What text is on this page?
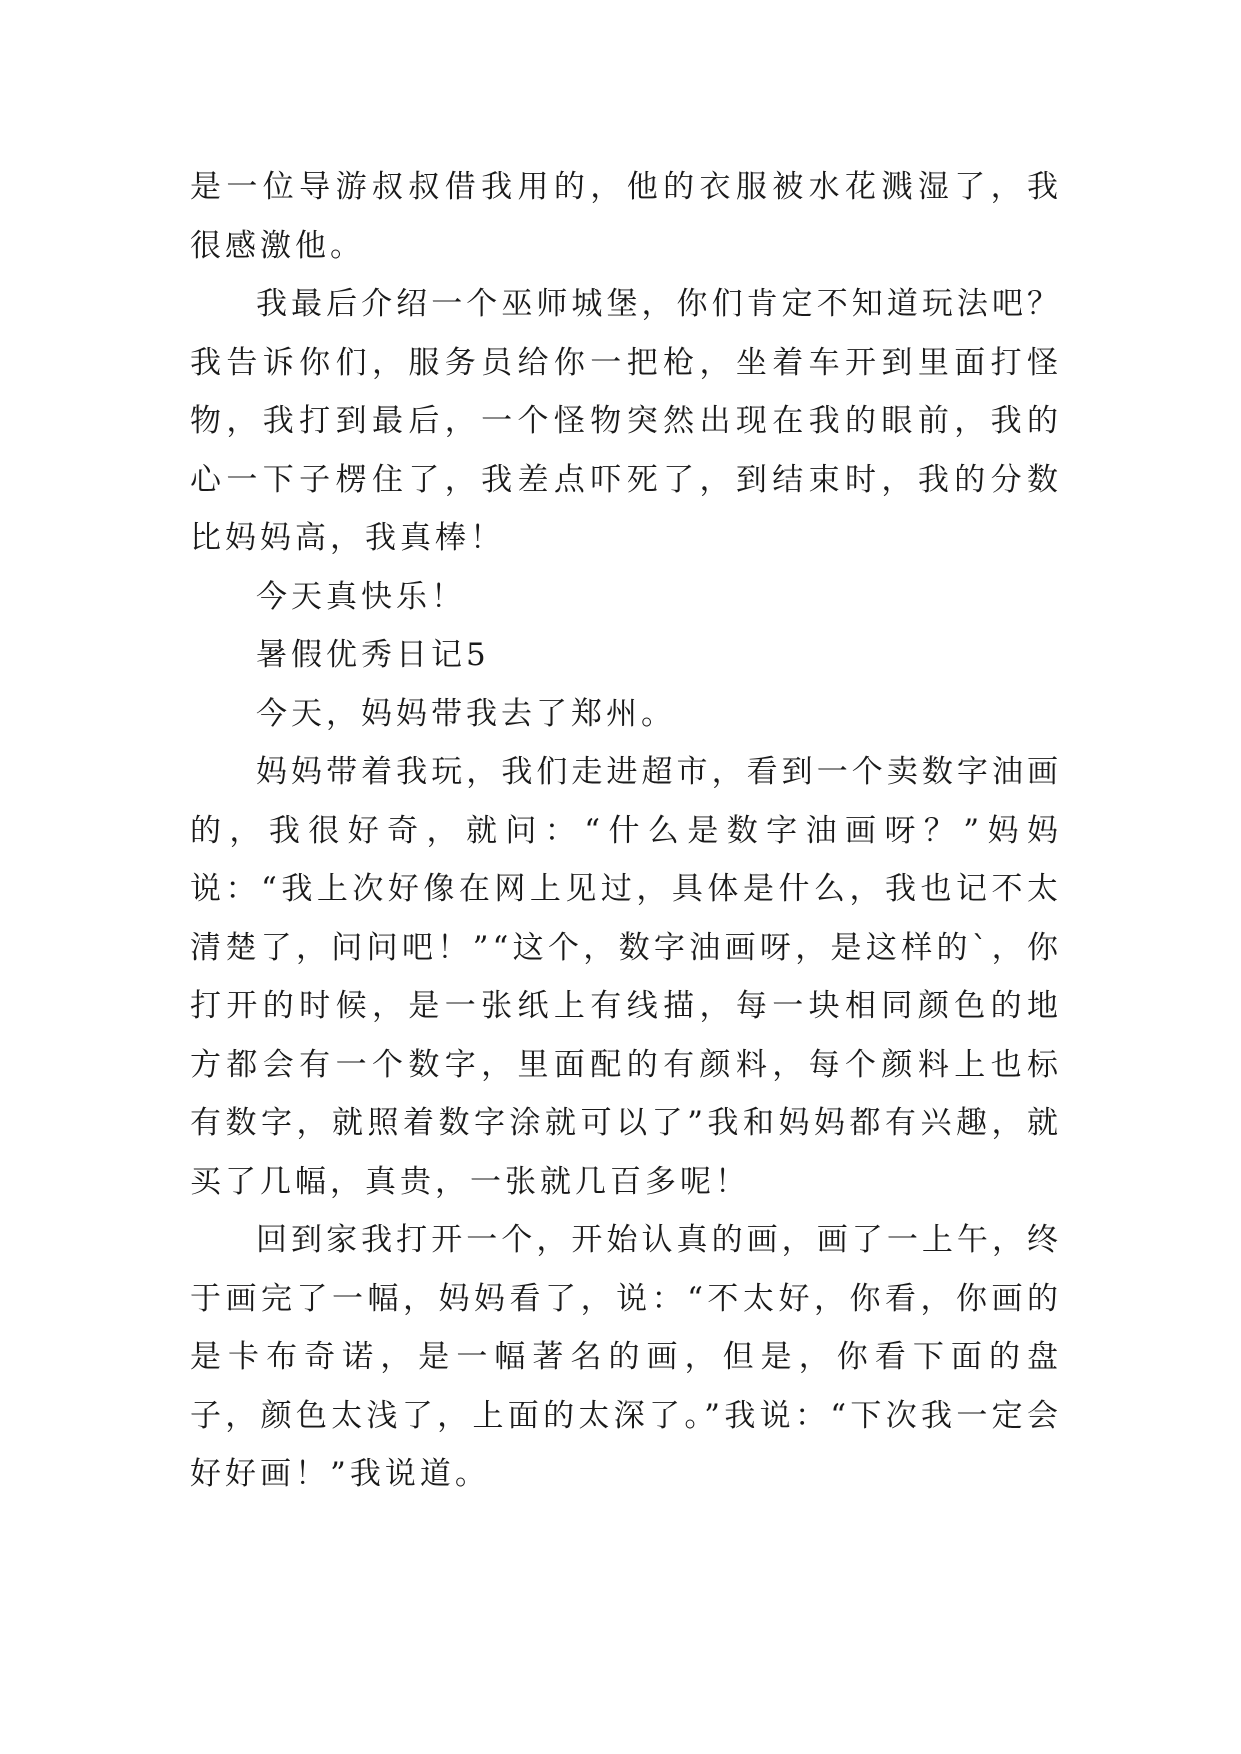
是一位导游叔叔借我用的，他的衣服被水花溅湿了，我很感激他。

我最后介绍一个巫师城堡，你们肯定不知道玩法吧？我告诉你们，服务员给你一把枪，坐着车开到里面打怪物，我打到最后，一个怪物突然出现在我的眼前，我的心一下子楞住了，我差点吓死了，到结束时，我的分数比妈妈高，我真棒！

今天真快乐！

暑假优秀日记5

今天，妈妈带我去了郑州。

妈妈带着我玩，我们走进超市，看到一个卖数字油画的，我很好奇，就问：“什么是数字油画呀？”妈妈说：“我上次好像在网上见过，具体是什么，我也记不太清楚了，问问吧！”“这个，数字油画呀，是这样的`，你打开的时候，是一张纸上有线描，每一块相同颜色的地方都会有一个数字，里面配的有颜料，每个颜料上也标有数字，就照着数字涂就可以了”我和妈妈都有兴趣，就买了几幅，真贵，一张就几百多呢！

回到家我打开一个，开始认真的画，画了一上午，终于画完了一幅，妈妈看了，说：“不太好，你看，你画的是卡布奇诺，是一幅著名的画，但是，你看下面的盘子，颜色太浅了，上面的太深了。”我说：“下次我一定会好好画！”我说道。
